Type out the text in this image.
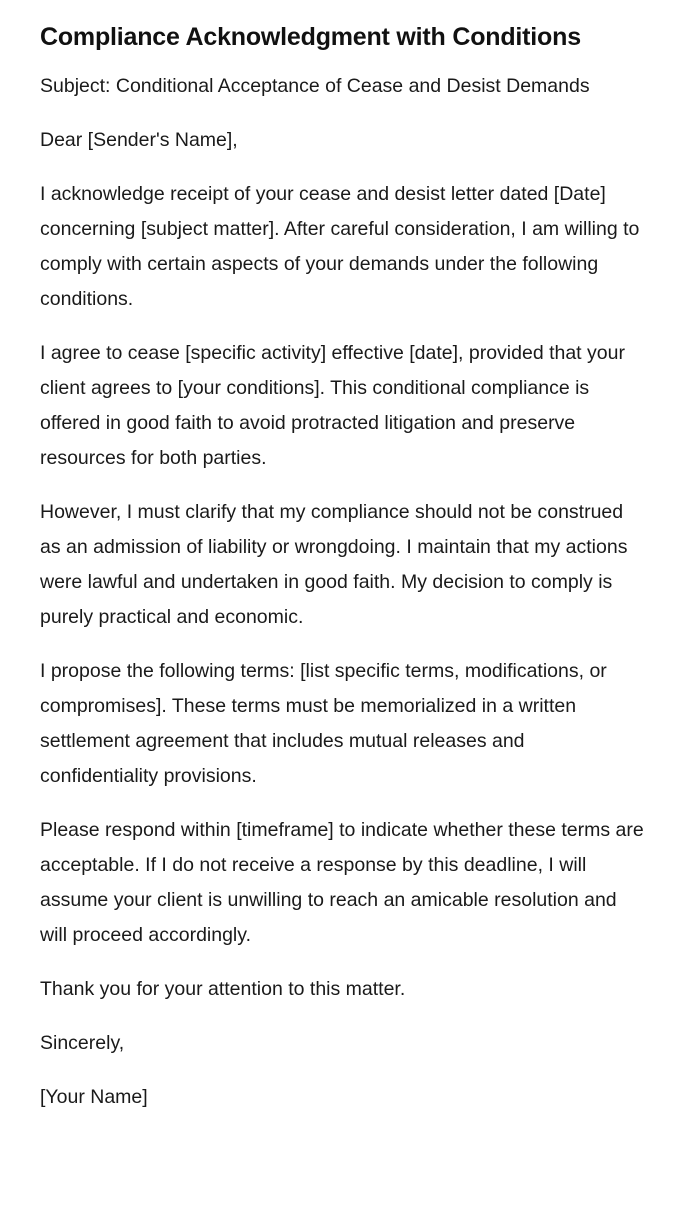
Compliance Acknowledgment with Conditions

Subject: Conditional Acceptance of Cease and Desist Demands

Dear [Sender's Name],

I acknowledge receipt of your cease and desist letter dated [Date] concerning [subject matter]. After careful consideration, I am willing to comply with certain aspects of your demands under the following conditions.

I agree to cease [specific activity] effective [date], provided that your client agrees to [your conditions]. This conditional compliance is offered in good faith to avoid protracted litigation and preserve resources for both parties.

However, I must clarify that my compliance should not be construed as an admission of liability or wrongdoing. I maintain that my actions were lawful and undertaken in good faith. My decision to comply is purely practical and economic.

I propose the following terms: [list specific terms, modifications, or compromises]. These terms must be memorialized in a written settlement agreement that includes mutual releases and confidentiality provisions.

Please respond within [timeframe] to indicate whether these terms are acceptable. If I do not receive a response by this deadline, I will assume your client is unwilling to reach an amicable resolution and will proceed accordingly.

Thank you for your attention to this matter.

Sincerely,

[Your Name]
